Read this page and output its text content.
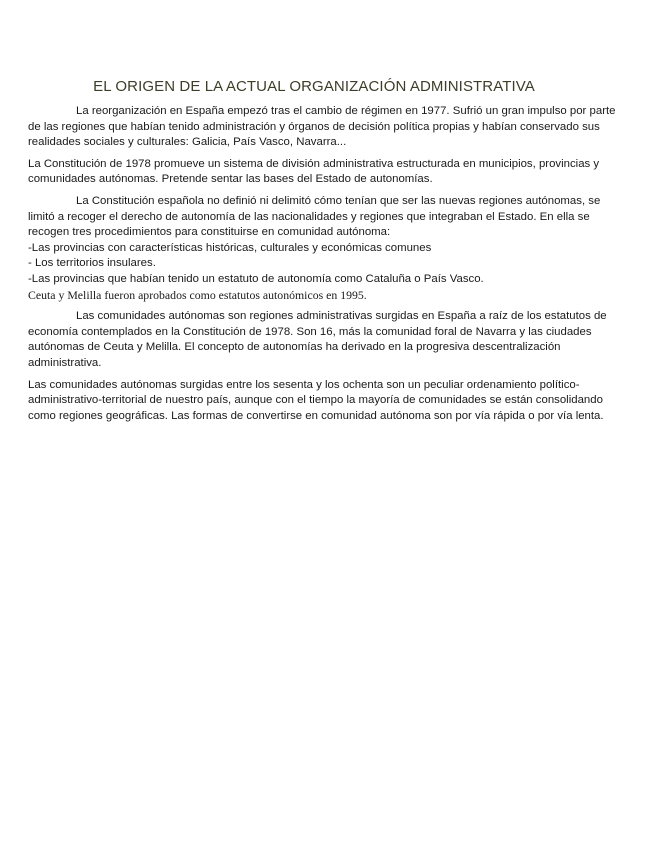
EL ORIGEN DE LA ACTUAL ORGANIZACIÓN ADMINISTRATIVA

La reorganización en España empezó tras el cambio de régimen en 1977. Sufrió un gran impulso por parte de las regiones que habían tenido administración y órganos de decisión política propias y habían conservado sus realidades sociales y culturales: Galicia, País Vasco, Navarra...

La Constitución de 1978 promueve un sistema de división administrativa estructurada en municipios, provincias y comunidades autónomas. Pretende sentar las bases del Estado de autonomías.

La Constitución española no definió ni delimitó cómo tenían que ser las nuevas regiones autónomas, se limitó a recoger el derecho de autonomía de las nacionalidades y regiones que integraban el Estado. En ella se recogen tres procedimientos para constituirse en comunidad autónoma:

-Las provincias con características históricas, culturales y económicas comunes

- Los territorios insulares.

-Las provincias que habían tenido un estatuto de autonomía como Cataluña o País Vasco.

Ceuta y Melilla fueron aprobados como estatutos autonómicos en 1995.

Las comunidades autónomas son regiones administrativas surgidas en España a raíz de los estatutos de economía contemplados en la Constitución de 1978. Son 16, más la comunidad foral de Navarra y las ciudades autónomas de Ceuta y Melilla. El concepto de autonomías ha derivado en la progresiva descentralización administrativa.

Las comunidades autónomas surgidas entre los sesenta y los ochenta son un peculiar ordenamiento político-administrativo-territorial de nuestro país, aunque con el tiempo la mayoría de comunidades se están consolidando como regiones geográficas. Las formas de convertirse en comunidad autónoma son por vía rápida o por vía lenta.
